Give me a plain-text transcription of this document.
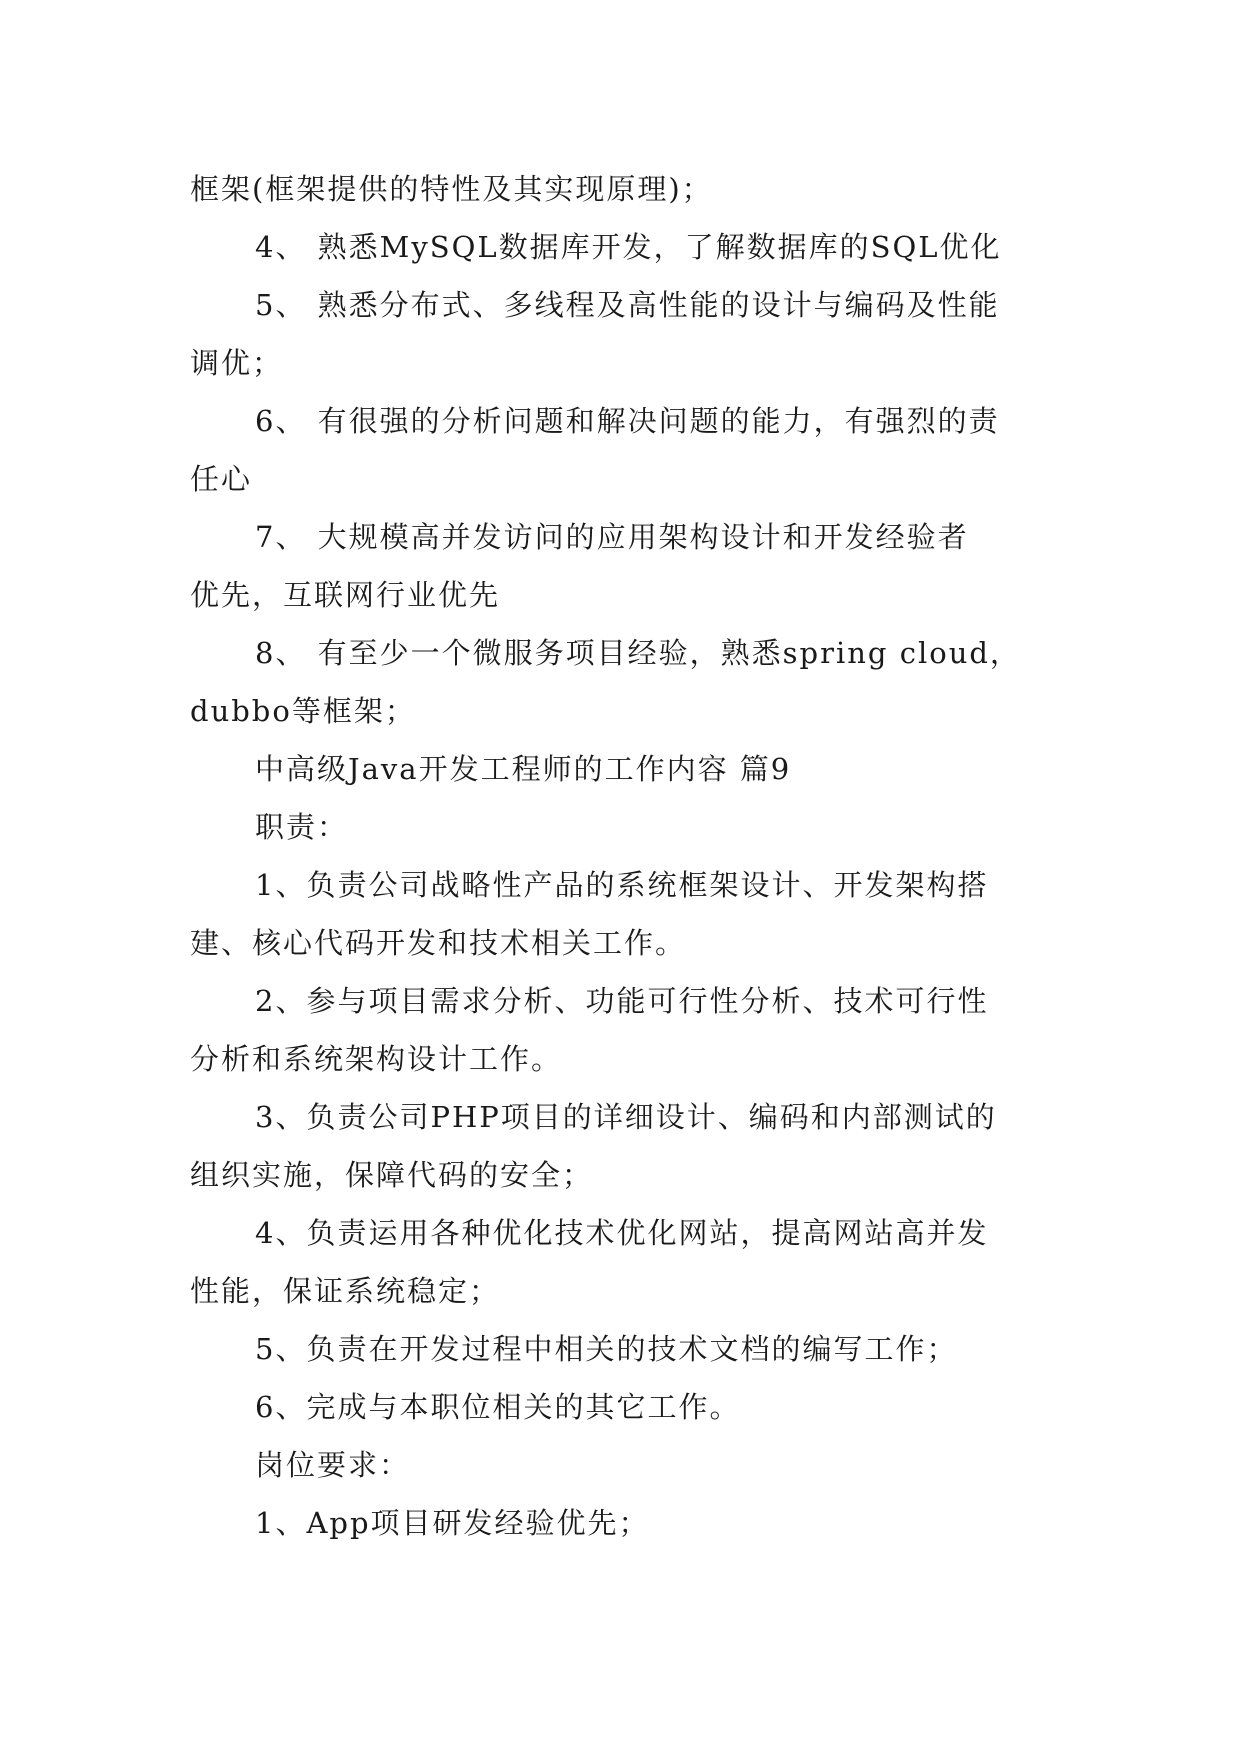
框架(框架提供的特性及其实现原理)；
4、 熟悉MySQL数据库开发，了解数据库的SQL优化
5、 熟悉分布式、多线程及高性能的设计与编码及性能
调优；
6、 有很强的分析问题和解决问题的能力，有强烈的责
任心
7、 大规模高并发访问的应用架构设计和开发经验者
优先，互联网行业优先
8、 有至少一个微服务项目经验，熟悉spring cloud，
dubbo等框架；
中高级Java开发工程师的工作内容 篇9
职责：
1、负责公司战略性产品的系统框架设计、开发架构搭
建、核心代码开发和技术相关工作。
2、参与项目需求分析、功能可行性分析、技术可行性
分析和系统架构设计工作。
3、负责公司PHP项目的详细设计、编码和内部测试的
组织实施，保障代码的安全；
4、负责运用各种优化技术优化网站，提高网站高并发
性能，保证系统稳定；
5、负责在开发过程中相关的技术文档的编写工作；
6、完成与本职位相关的其它工作。
岗位要求：
1、App项目研发经验优先；
